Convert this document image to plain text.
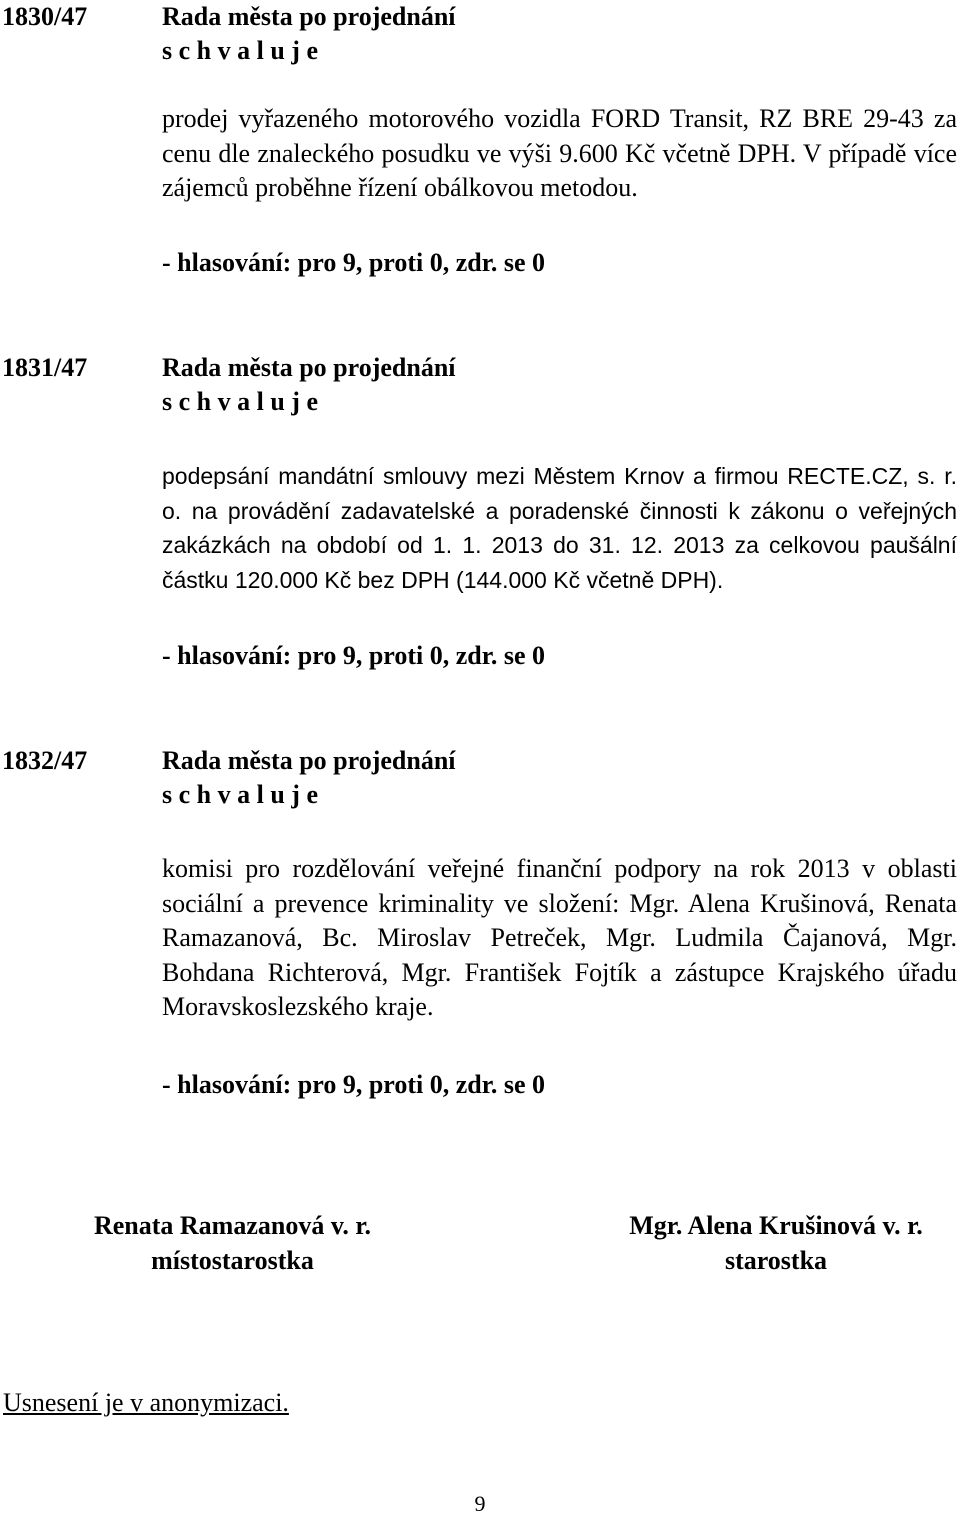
1830/47	Rada města po projednání
s c h v a l u j e
prodej vyřazeného motorového vozidla FORD Transit, RZ BRE 29-43 za cenu dle znaleckého posudku ve výši 9.600 Kč včetně DPH. V případě více zájemců proběhne řízení obálkovou metodou.
- hlasování: pro 9, proti 0, zdr. se 0
1831/47	Rada města po projednání
s c h v a l u j e
podepsání mandátní smlouvy mezi Městem Krnov a firmou RECTE.CZ, s. r. o. na provádění zadavatelské a poradenské činnosti k zákonu o veřejných zakázkách na období od 1. 1. 2013 do 31. 12. 2013 za celkovou paušální částku 120.000 Kč bez DPH (144.000 Kč včetně DPH).
- hlasování: pro 9, proti 0, zdr. se 0
1832/47	Rada města po projednání
s c h v a l u j e
komisi pro rozdělování veřejné finanční podpory na rok 2013 v oblasti sociální a prevence kriminality ve složení: Mgr. Alena Krušinová, Renata Ramazanová, Bc. Miroslav Petreček, Mgr. Ludmila Čajanová, Mgr. Bohdana Richterová, Mgr. František Fojtík a zástupce Krajského úřadu Moravskoslezského kraje.
- hlasování: pro 9, proti 0, zdr. se 0
Renata Ramazanová v. r.
místostarostka
Mgr. Alena Krušinová v. r.
starostka
Usnesení je v anonymizaci.
9
